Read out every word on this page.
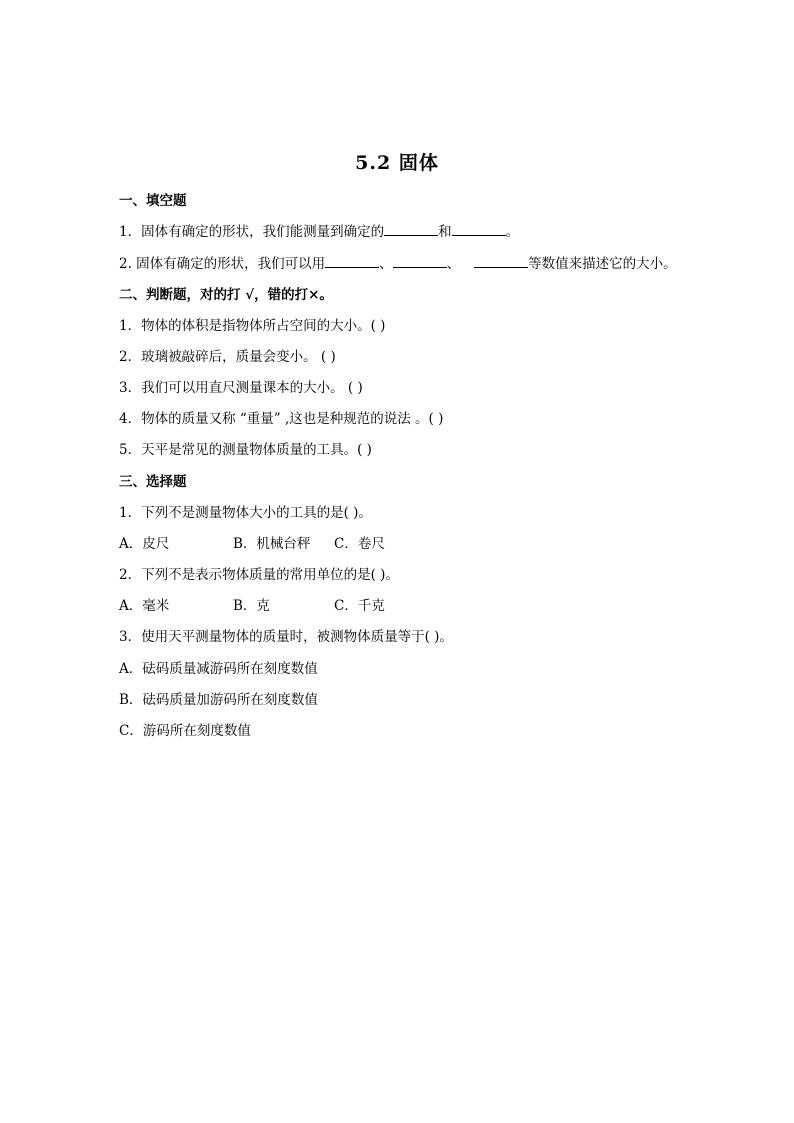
5.2 固体
一、填空题
1．固体有确定的形状，我们能测量到确定的	和	。
2. 固体有确定的形状，我们可以用	、	、	等数值来描述它的大小。
二、判断题，对的打 √，错的打×。
1．物体的体积是指物体所占空间的大小。( )
2．玻璃被敲碎后，质量会变小。 ( )
3．我们可以用直尺测量课本的大小。 ( )
4．物体的质量又称 “重量” ,这也是种规范的说法 。( )
5．天平是常见的测量物体质量的工具。( )
三、选择题
1．下列不是测量物体大小的工具的是( )。
A．皮尺	B．机械台秤 C．卷尺
2．下列不是表示物体质量的常用单位的是( )。
A．毫米	B．克	C．千克
3．使用天平测量物体的质量时，被测物体质量等于( )。
A．砝码质量减游码所在刻度数值
B．砝码质量加游码所在刻度数值
C．游码所在刻度数值
